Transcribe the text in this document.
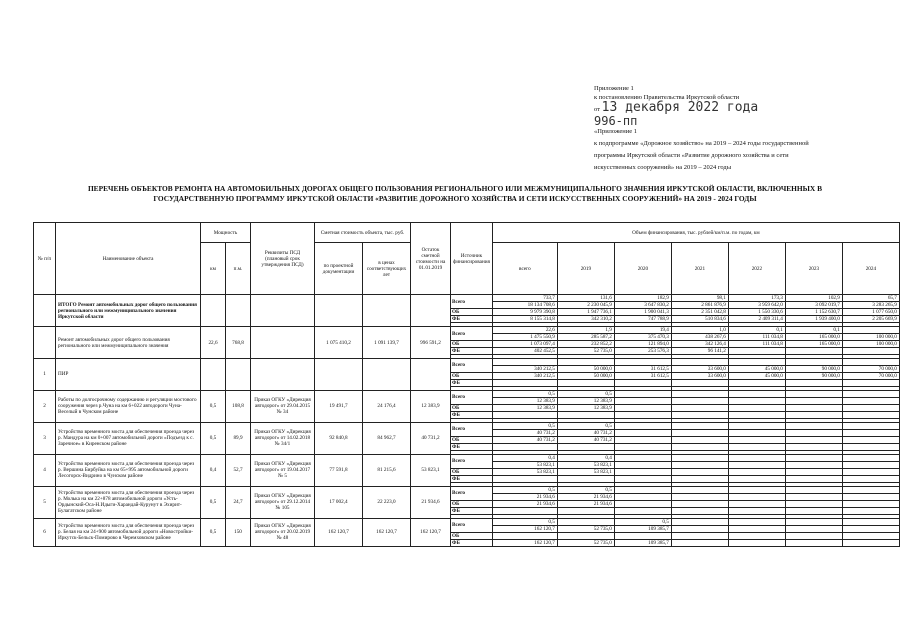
Приложение 1

к постановлению Правительства Иркутской области

от 13 декабря 2022 года

996-пп

«Приложение 1

к подпрограмме «Дорожное хозяйство» на 2019 – 2024 годы государственной

программы Иркутской области «Развитие дорожного хозяйства и сети

искусственных сооружений» на 2019 – 2024 годы

ПЕРЕЧЕНЬ ОБЪЕКТОВ РЕМОНТА НА АВТОМОБИЛЬНЫХ ДОРОГАХ ОБЩЕГО ПОЛЬЗОВАНИЯ РЕГИОНАЛЬНОГО ИЛИ МЕЖМУНИЦИПАЛЬНОГО ЗНАЧЕНИЯ ИРКУТСКОЙ ОБЛАСТИ, ВКЛЮЧЕННЫХ В
ГОСУДАРСТВЕННУЮ ПРОГРАММУ ИРКУТСКОЙ ОБЛАСТИ «РАЗВИТИЕ ДОРОЖНОГО ХОЗЯЙСТВА И СЕТИ ИСКУССТВЕННЫХ СООРУЖЕНИЙ» НА 2019 - 2024 ГОДЫ
№ п/п	Наименование объекта	Мощность		Реквизиты ПСД (плановый срок утверждения ПСД)	Сметная стоимость объекта, тыс. руб.		Остаток сметной стоимости на 01.01.2019	Источник финансирования	Объем финансирования, тыс. рублей/км/п.м. по годам, км						
		км	п.м.		по проектной документации	в ценах соответствующих лет			всего	2019	2020	2021	2022	2023	2024
	ИТОГО Ремонт автомобильных дорог общего пользования регионального или межмуниципального значения Иркутской области							Всего	733,7	131,6	182,9	98,1	173,3	102,9	65,7
									18 134 708,6	2 230 045,9	3 647 830,2	2 861 876,9	3 959 642,0	3 092 019,7	3 283 265,9
								ОБ	9 979 390,8	1 947 736,1	1 900 041,3	2 351 042,8	1 550 330,6	1 152 630,7	1 077 650,0
								ФБ	8 155 314,8	342 310,2	747 788,9	510 834,6	2 409 311,4	1 939 400,0	2 205 669,9

	Ремонт автомобильных дорог общего пользования регионального или межмуниципального значения	22,6	768,8		1 075 410,2	1 091 139,7	996 591,2	Всего	22,6	1,9	19,4	1,0	0,1	0,1	
									1 475 550,9	285 587,2	375 470,3	438 267,6	111 034,8	165 000,0	100 000,0
								ОБ	1 073 097,4	232 852,2	121 894,0	342 126,4	111 034,8	165 000,0	100 000,0
								ФБ	402 452,5	52 735,0	253 576,3	96 141,2			

1	ПИР							Всего							
									340 212,5	50 000,0	31 612,5	33 600,0	45 000,0	90 000,0	70 000,0
								ОБ	340 212,5	50 000,0	31 612,5	33 600,0	45 000,0	90 000,0	70 000,0
								ФБ							

2	Работы по долгосрочному содержанию и регуляции мостового сооружения через р.Чуна на км 6+022 автодороги Чуна-Веселый в Чунском районе	0,5	108,8	Приказ ОГКУ «Дирекция автодорог» от 29.04.2015 № 34	19 491,7	24 176,4	12 383,9	Всего	0,5	0,5					
									12 383,9	12 383,9					
								ОБ	12 383,9	12 383,9					
								ФБ							

3	Устройство временного моста для обеспечения проезда через р. Мандура на км 0+007 автомобильной дороги «Подъезд к с. Заречное» в Киренском районе	0,5	89,9	Приказ ОГКУ «Дирекция автодорог» от 14.02.2018 № 34/1	92 840,8	84 962,7	40 731,2	Всего	0,5	0,5					
									40 731,2	40 731,2					
								ОБ	40 731,2	40 731,2					
								ФБ							

4	Устройство временного моста для обеспечения проезда через р. Вершина Бирбуйка на км 65+995 автомобильной дороги Лесогорск-Видрино в Чунском районе	0,4	52,7	Приказ ОГКУ «Дирекция автодорог» от 19.04.2017 № 5	77 591,8	81 215,6	53 823,1	Всего	0,4	0,4					
									53 823,1	53 823,1					
								ОБ	53 823,1	53 823,1					
								ФБ							

5	Устройство временного моста для обеспечения проезда через р. Молька на км 22+878 автомобильной дороги «Усть-Ордынский-Оса-Н.Идыги-Харандай-Курунут в Эхирит-Булагатском районе	0,5	24,7	Приказ ОГКУ «Дирекция автодорог» от 29.12.2014 № 105	17 002,4	22 223,0	21 934,6	Всего	0,5	0,5					
									21 934,6	21 934,6					
								ОБ	21 934,6	21 934,6					
								ФБ							

6	Устройство временного моста для обеспечения проезда через р. Белая на км 24+900 автомобильной дороги «Новостройки-Иркутск-Бельск-Помирово в Черемховском районе	0,5	150	Приказ ОГКУ «Дирекция автодорог» от 20.02.2019 № 48	162 120,7	162 120,7	162 120,7	Всего	0,5		0,5				
									162 120,7	52 735,0	109 385,7				
								ОБ							
								ФБ	162 120,7	52 735,0	109 385,7				
